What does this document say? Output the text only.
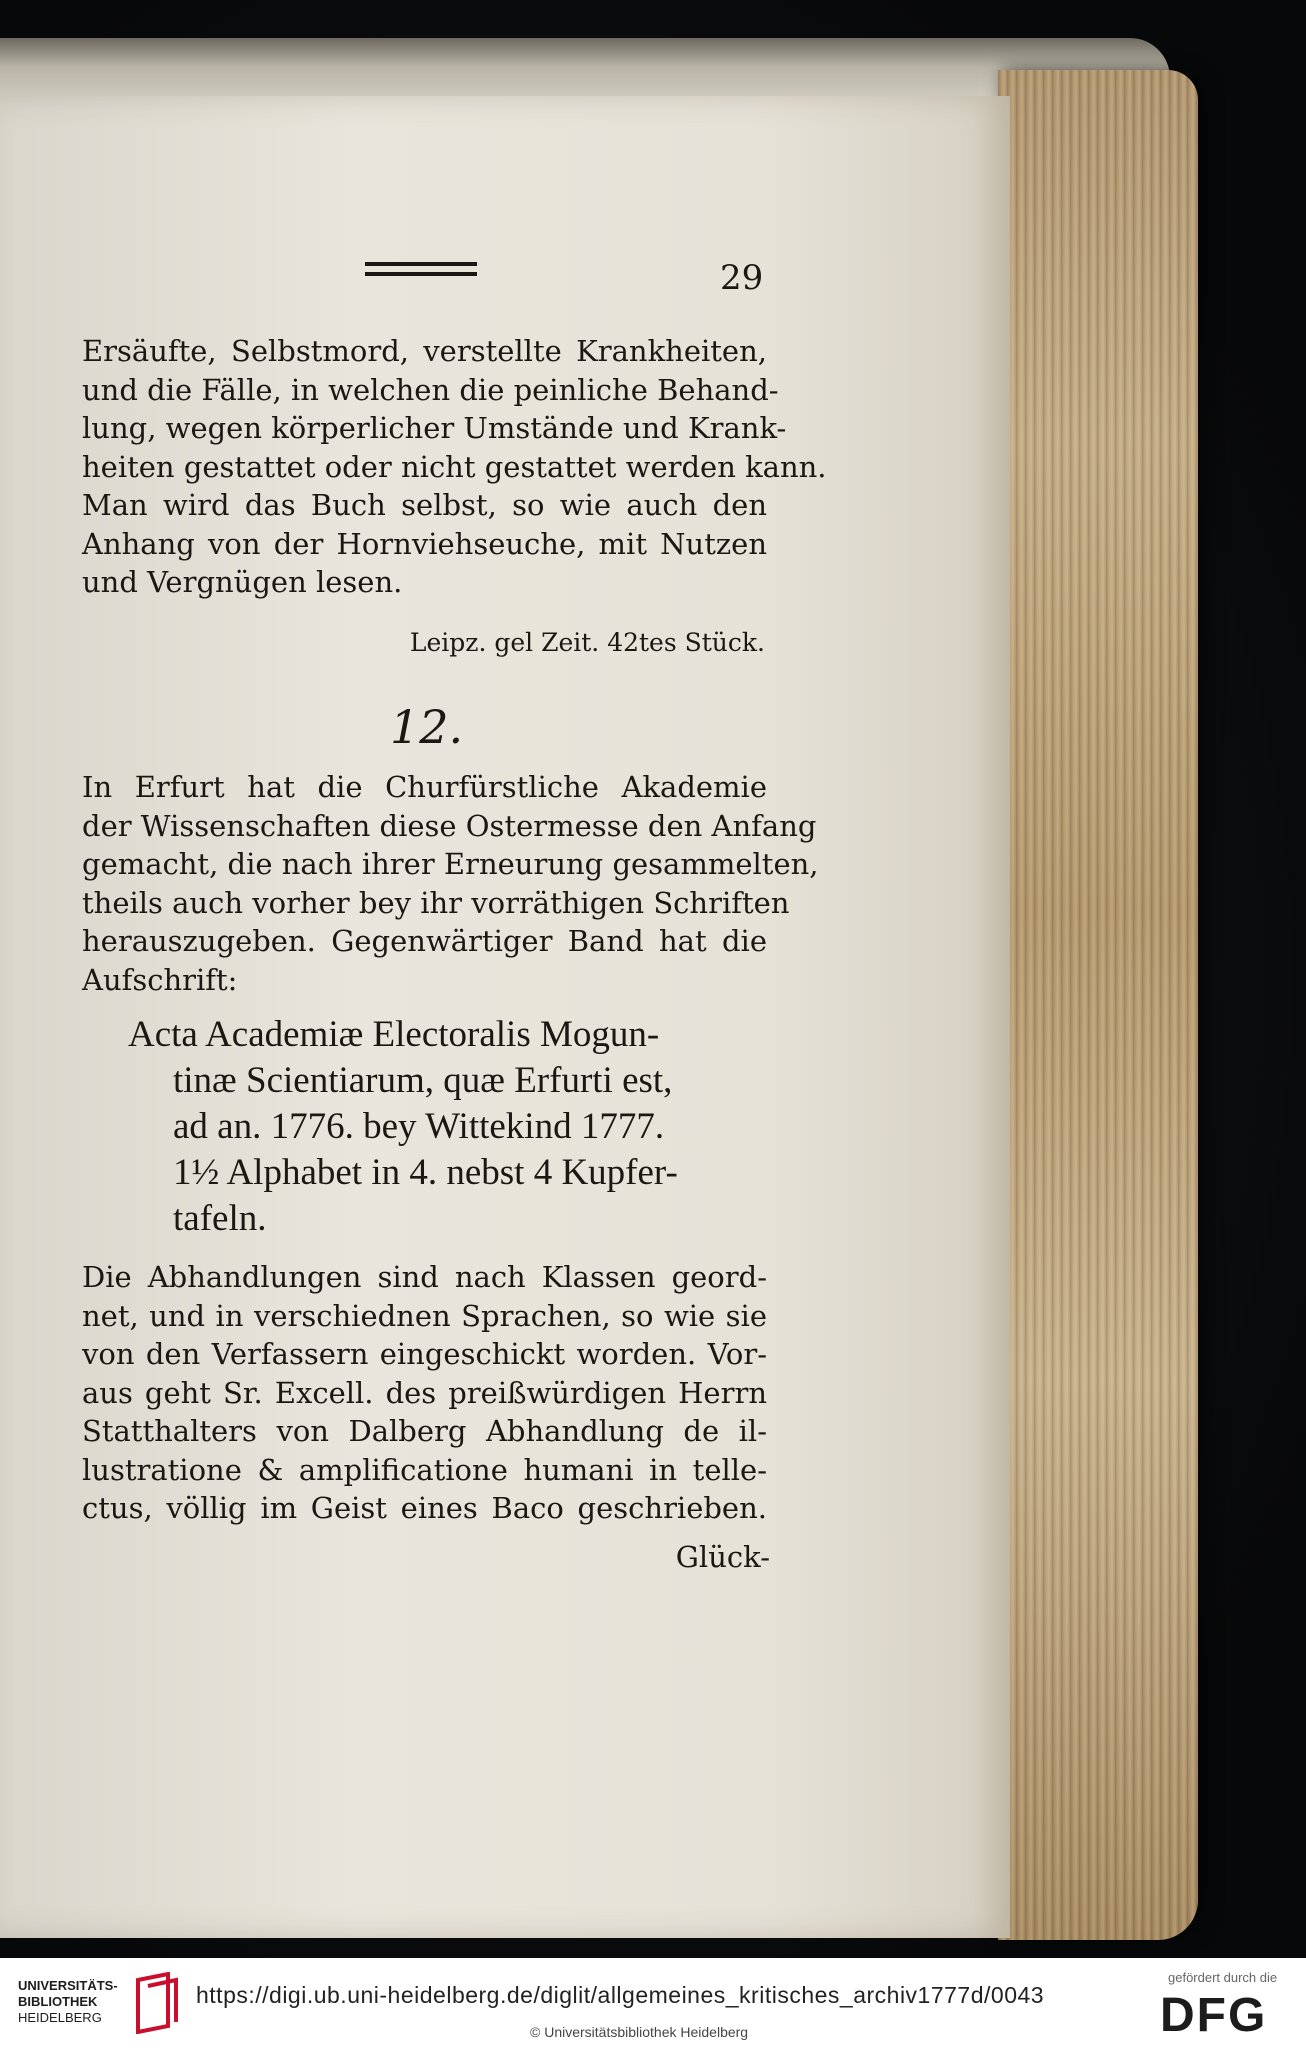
29

Ersäufte, Selbstmord, verstellte Krankheiten,
und die Fälle, in welchen die peinliche Behand-
lung, wegen körperlicher Umstände und Krank-
heiten gestattet oder nicht gestattet werden kann.
Man wird das Buch selbst, so wie auch den
Anhang von der Hornviehseuche, mit Nutzen
und Vergnügen lesen.

Leipz. gel Zeit. 42tes Stück.
12.

In Erfurt hat die Churfürstliche Akademie
der Wissenschaften diese Ostermesse den Anfang
gemacht, die nach ihrer Erneurung gesammelten,
theils auch vorher bey ihr vorräthigen Schriften
herauszugeben. Gegenwärtiger Band hat die
Aufschrift:

Acta Academiæ Electoralis Mogun-
tinæ Scientiarum, quæ Erfurti est,
ad an. 1776. bey Wittekind 1777.
1½ Alphabet in 4. nebst 4 Kupfer-
tafeln.

Die Abhandlungen sind nach Klassen geord-
net, und in verschiednen Sprachen, so wie sie
von den Verfassern eingeschickt worden. Vor-
aus geht Sr. Excell. des preißwürdigen Herrn
Statthalters von Dalberg Abhandlung de il-
lustratione & amplificatione humani in telle-
ctus, völlig im Geist eines Baco geschrieben.

Glück-
UNIVERSITÄTS-
BIBLIOTHEK
HEIDELBERG
https://digi.ub.uni-heidelberg.de/diglit/allgemeines_kritisches_archiv1777d/0043
© Universitätsbibliothek Heidelberg
gefördert durch die
DFG
